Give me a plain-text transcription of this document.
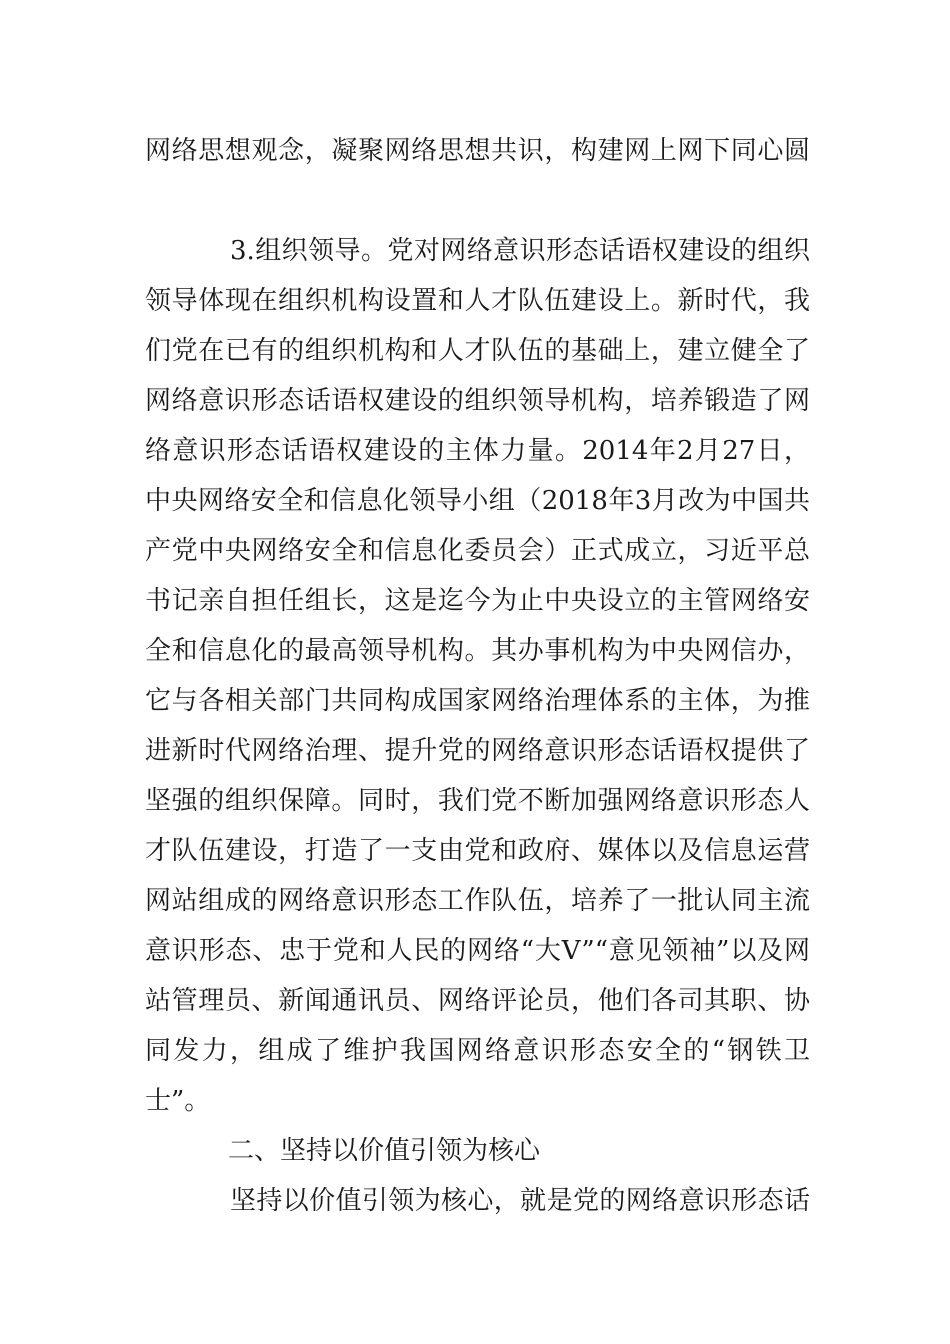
网络思想观念，凝聚网络思想共识，构建网上网下同心圆
3.组织领导。党对网络意识形态话语权建设的组织
领导体现在组织机构设置和人才队伍建设上。新时代，我
们党在已有的组织机构和人才队伍的基础上，建立健全了
网络意识形态话语权建设的组织领导机构，培养锻造了网
络意识形态话语权建设的主体力量。2014年2月27日，
中央网络安全和信息化领导小组（2018年3月改为中国共
产党中央网络安全和信息化委员会）正式成立，习近平总
书记亲自担任组长，这是迄今为止中央设立的主管网络安
全和信息化的最高领导机构。其办事机构为中央网信办，
它与各相关部门共同构成国家网络治理体系的主体，为推
进新时代网络治理、提升党的网络意识形态话语权提供了
坚强的组织保障。同时，我们党不断加强网络意识形态人
才队伍建设，打造了一支由党和政府、媒体以及信息运营
网站组成的网络意识形态工作队伍，培养了一批认同主流
意识形态、忠于党和人民的网络“大V”“意见领袖”以及网
站管理员、新闻通讯员、网络评论员，他们各司其职、协
同发力，组成了维护我国网络意识形态安全的“钢铁卫
士”。
二、坚持以价值引领为核心
坚持以价值引领为核心，就是党的网络意识形态话
